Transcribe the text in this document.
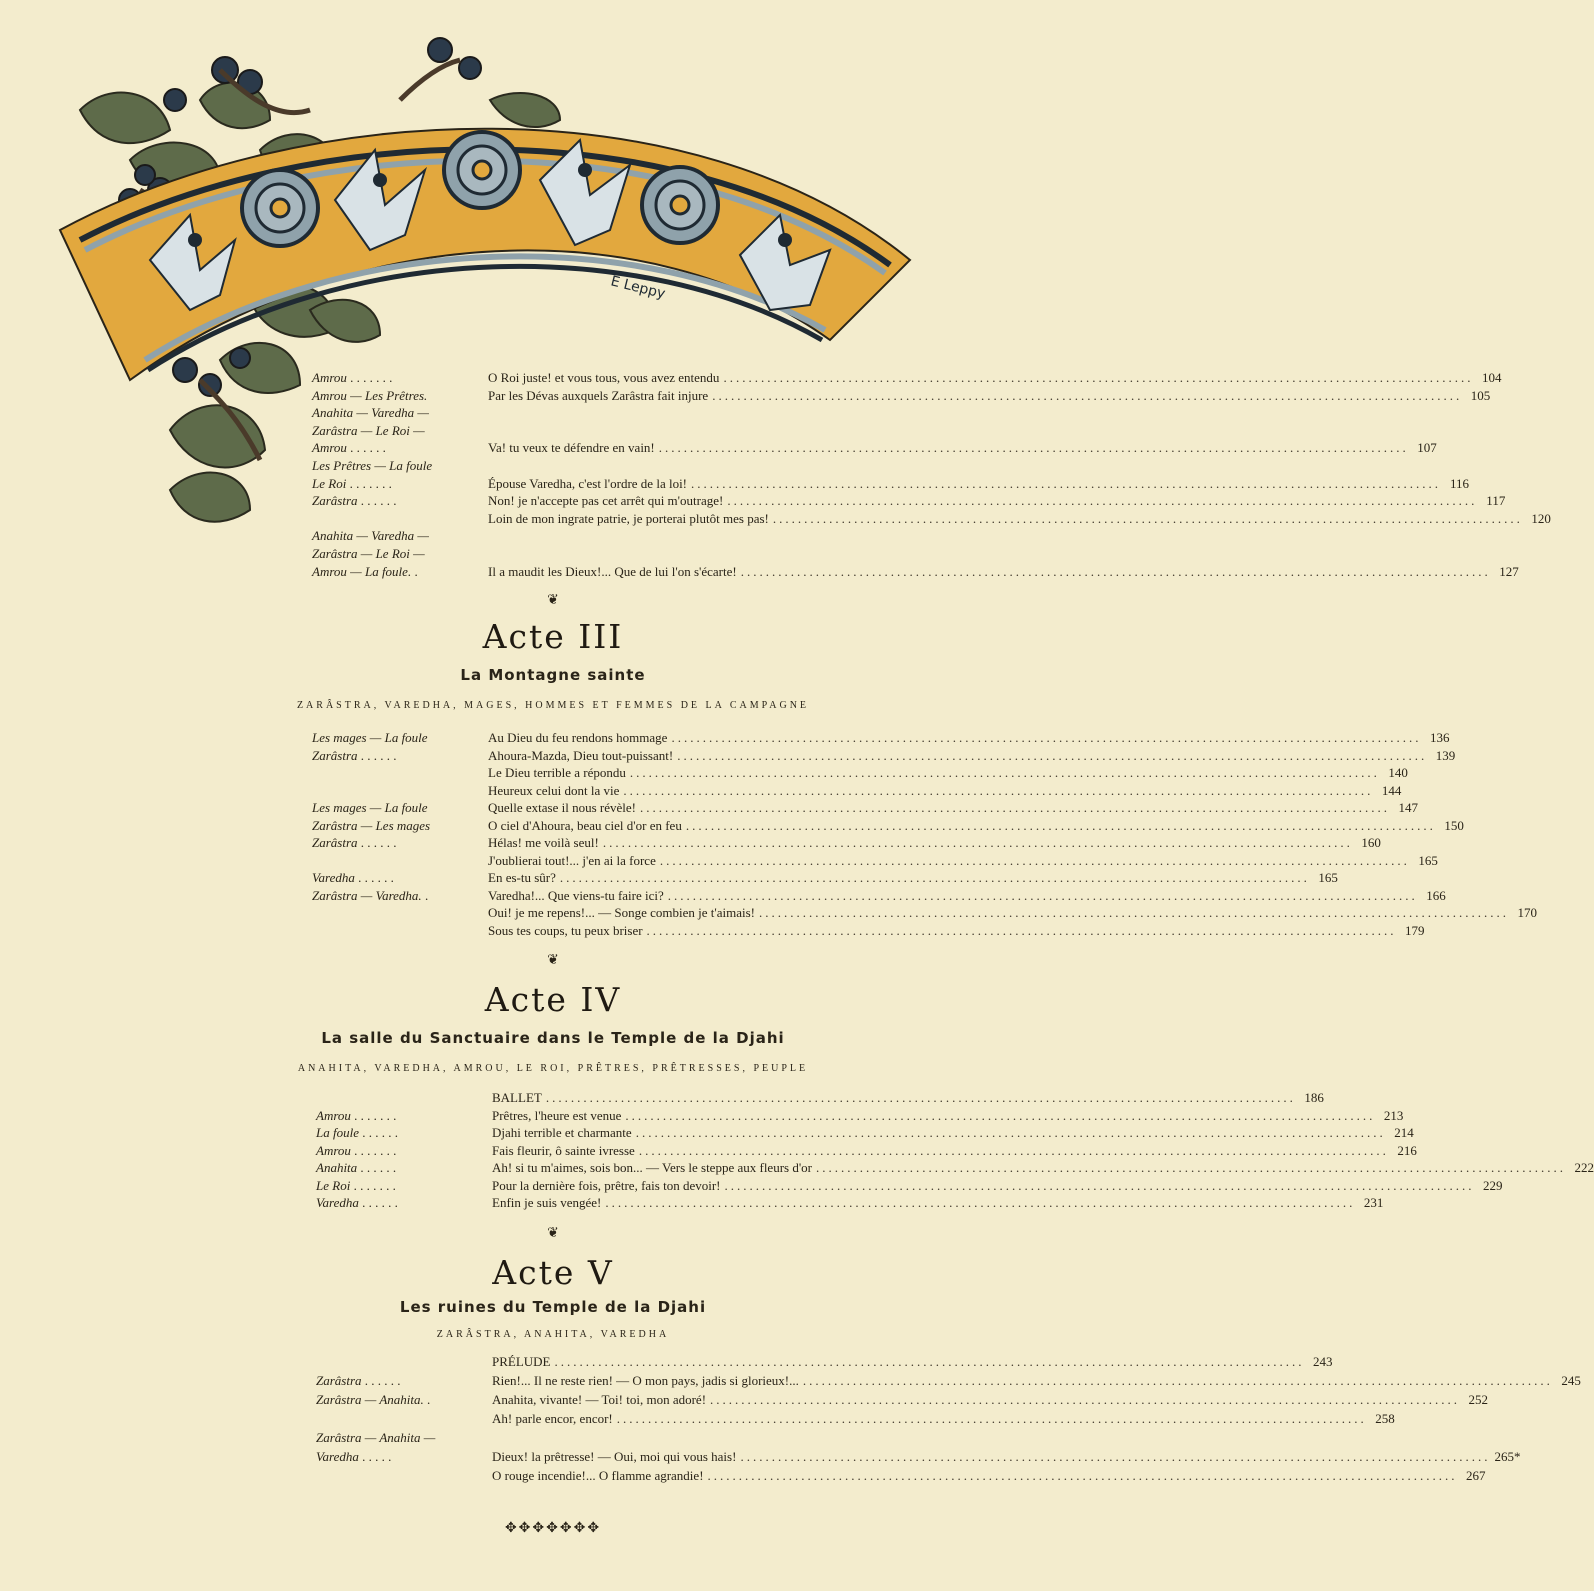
E Leppy
Amrou . . . . . . .	O Roi juste! et vous tous, vous avez entendu ........................................................................................................................ 104
Amrou — Les Prêtres.	Par les Dévas auxquels Zarâstra fait injure ........................................................................................................................ 105
Anahita — Varedha —
Zarâstra — Le Roi —
Amrou . . . . . .	Va! tu veux te défendre en vain! ........................................................................................................................ 107
Les Prêtres — La foule
Le Roi . . . . . . .	Épouse Varedha, c'est l'ordre de la loi! ........................................................................................................................ 116
Zarâstra . . . . . .	Non! je n'accepte pas cet arrêt qui m'outrage! ........................................................................................................................ 117
Loin de mon ingrate patrie, je porterai plutôt mes pas! ........................................................................................................................ 120
Anahita — Varedha —
Zarâstra — Le Roi —
Amrou — La foule. .	Il a maudit les Dieux!... Que de lui l'on s'écarte! ........................................................................................................................ 127
❦
Acte III
La Montagne sainte
ZARÂSTRA, VAREDHA, MAGES, HOMMES ET FEMMES DE LA CAMPAGNE
Les mages — La foule	Au Dieu du feu rendons hommage ........................................................................................................................ 136
Zarâstra . . . . . .	Ahoura-Mazda, Dieu tout-puissant! ........................................................................................................................ 139
Le Dieu terrible a répondu ........................................................................................................................ 140
Heureux celui dont la vie ........................................................................................................................ 144
Les mages — La foule	Quelle extase il nous révèle! ........................................................................................................................ 147
Zarâstra — Les mages	O ciel d'Ahoura, beau ciel d'or en feu ........................................................................................................................ 150
Zarâstra . . . . . .	Hélas! me voilà seul! ........................................................................................................................ 160
J'oublierai tout!... j'en ai la force ........................................................................................................................ 165
Varedha . . . . . .	En es-tu sûr? ........................................................................................................................ 165
Zarâstra — Varedha. .	Varedha!... Que viens-tu faire ici? ........................................................................................................................ 166
Oui! je me repens!... — Songe combien je t'aimais! ........................................................................................................................ 170
Sous tes coups, tu peux briser ........................................................................................................................ 179
❦
Acte IV
La salle du Sanctuaire dans le Temple de la Djahi
ANAHITA, VAREDHA, AMROU, LE ROI, PRÊTRES, PRÊTRESSES, PEUPLE
BALLET ........................................................................................................................ 186
Amrou . . . . . . .	Prêtres, l'heure est venue ........................................................................................................................ 213
La foule . . . . . .	Djahi terrible et charmante ........................................................................................................................ 214
Amrou . . . . . . .	Fais fleurir, ô sainte ivresse ........................................................................................................................ 216
Anahita . . . . . .	Ah! si tu m'aimes, sois bon... — Vers le steppe aux fleurs d'or ........................................................................................................................ 222
Le Roi . . . . . . .	Pour la dernière fois, prêtre, fais ton devoir! ........................................................................................................................ 229
Varedha . . . . . .	Enfin je suis vengée! ........................................................................................................................ 231
❦
Acte V
Les ruines du Temple de la Djahi
ZARÂSTRA, ANAHITA, VAREDHA
PRÉLUDE ........................................................................................................................ 243
Zarâstra . . . . . .	Rien!... Il ne reste rien! — O mon pays, jadis si glorieux!... ........................................................................................................................ 245
Zarâstra — Anahita. .	Anahita, vivante! — Toi! toi, mon adoré! ........................................................................................................................ 252
Ah! parle encor, encor! ........................................................................................................................ 258
Zarâstra — Anahita —
Varedha . . . . .	Dieux! la prêtresse! — Oui, moi qui vous hais! ........................................................................................................................ 265*
O rouge incendie!... O flamme agrandie! ........................................................................................................................ 267
✥✥✥✥✥✥✥
